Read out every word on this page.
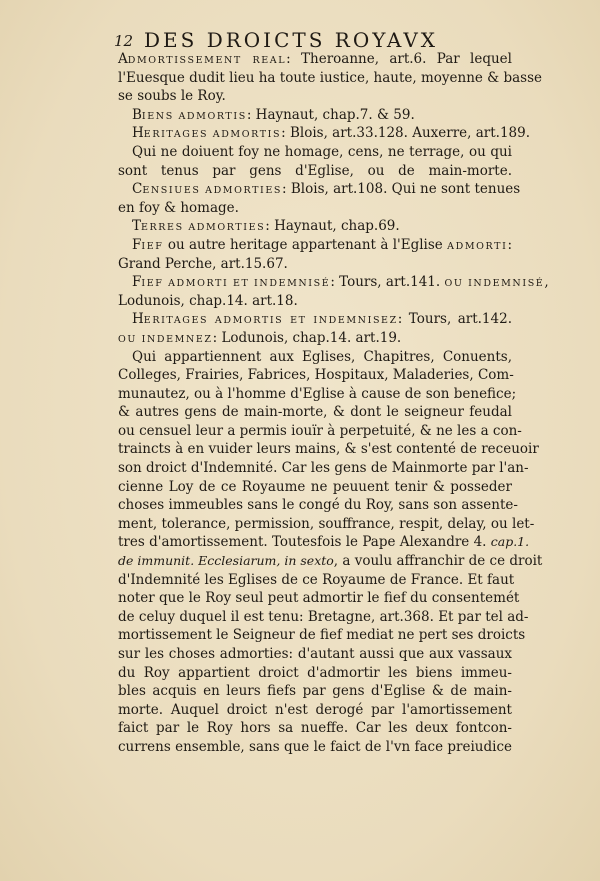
12 DES DROICTS ROYAVX
ADMORTISSEMENT REAL: Theroanne, art.6. Par lequel
l'Euesque dudit lieu ha toute iustice, haute, moyenne & basse
se soubs le Roy.
BIENS ADMORTIS: Haynaut, chap.7. & 59.
HERITAGES ADMORTIS: Blois, art.33.128. Auxerre, art.189.
Qui ne doiuent foy ne homage, cens, ne terrage, ou qui
sont tenus par gens d'Eglise, ou de main-morte.
CENSIUES ADMORTIES: Blois, art.108. Qui ne sont tenues
en foy & homage.
TERRES ADMORTIES: Haynaut, chap.69.
FIEF ou autre heritage appartenant à l'Eglise ADMORTI:
Grand Perche, art.15.67.
FIEF ADMORTI ET INDEMNISÉ: Tours, art.141. OU INDEMNISÉ,
Lodunois, chap.14. art.18.
HERITAGES ADMORTIS ET INDEMNISEZ: Tours, art.142.
OU INDEMNEZ: Lodunois, chap.14. art.19.
Qui appartiennent aux Eglises, Chapitres, Conuents,
Colleges, Frairies, Fabrices, Hospitaux, Maladeries, Com-
munautez, ou à l'homme d'Eglise à cause de son benefice;
& autres gens de main-morte, & dont le seigneur feudal
ou censuel leur a permis iouïr à perpetuité, & ne les a con-
traincts à en vuider leurs mains, & s'est contenté de receuoir
son droict d'Indemnité. Car les gens de Mainmorte par l'an-
cienne Loy de ce Royaume ne peuuent tenir & posseder
choses immeubles sans le congé du Roy, sans son assente-
ment, tolerance, permission, souffrance, respit, delay, ou let-
tres d'amortissement. Toutesfois le Pape Alexandre 4. cap.1.
de immunit. Ecclesiarum, in sexto, a voulu affranchir de ce droit
d'Indemnité les Eglises de ce Royaume de France. Et faut
noter que le Roy seul peut admortir le fief du consentemét
de celuy duquel il est tenu: Bretagne, art.368. Et par tel ad-
mortissement le Seigneur de fief mediat ne pert ses droicts
sur les choses admorties: d'autant aussi que aux vassaux
du Roy appartient droict d'admortir les biens immeu-
bles acquis en leurs fiefs par gens d'Eglise & de main-
morte. Auquel droict n'est derogé par l'amortissement
faict par le Roy hors sa nueffe. Car les deux fontcon-
currens ensemble, sans que le faict de l'vn face preiudice
